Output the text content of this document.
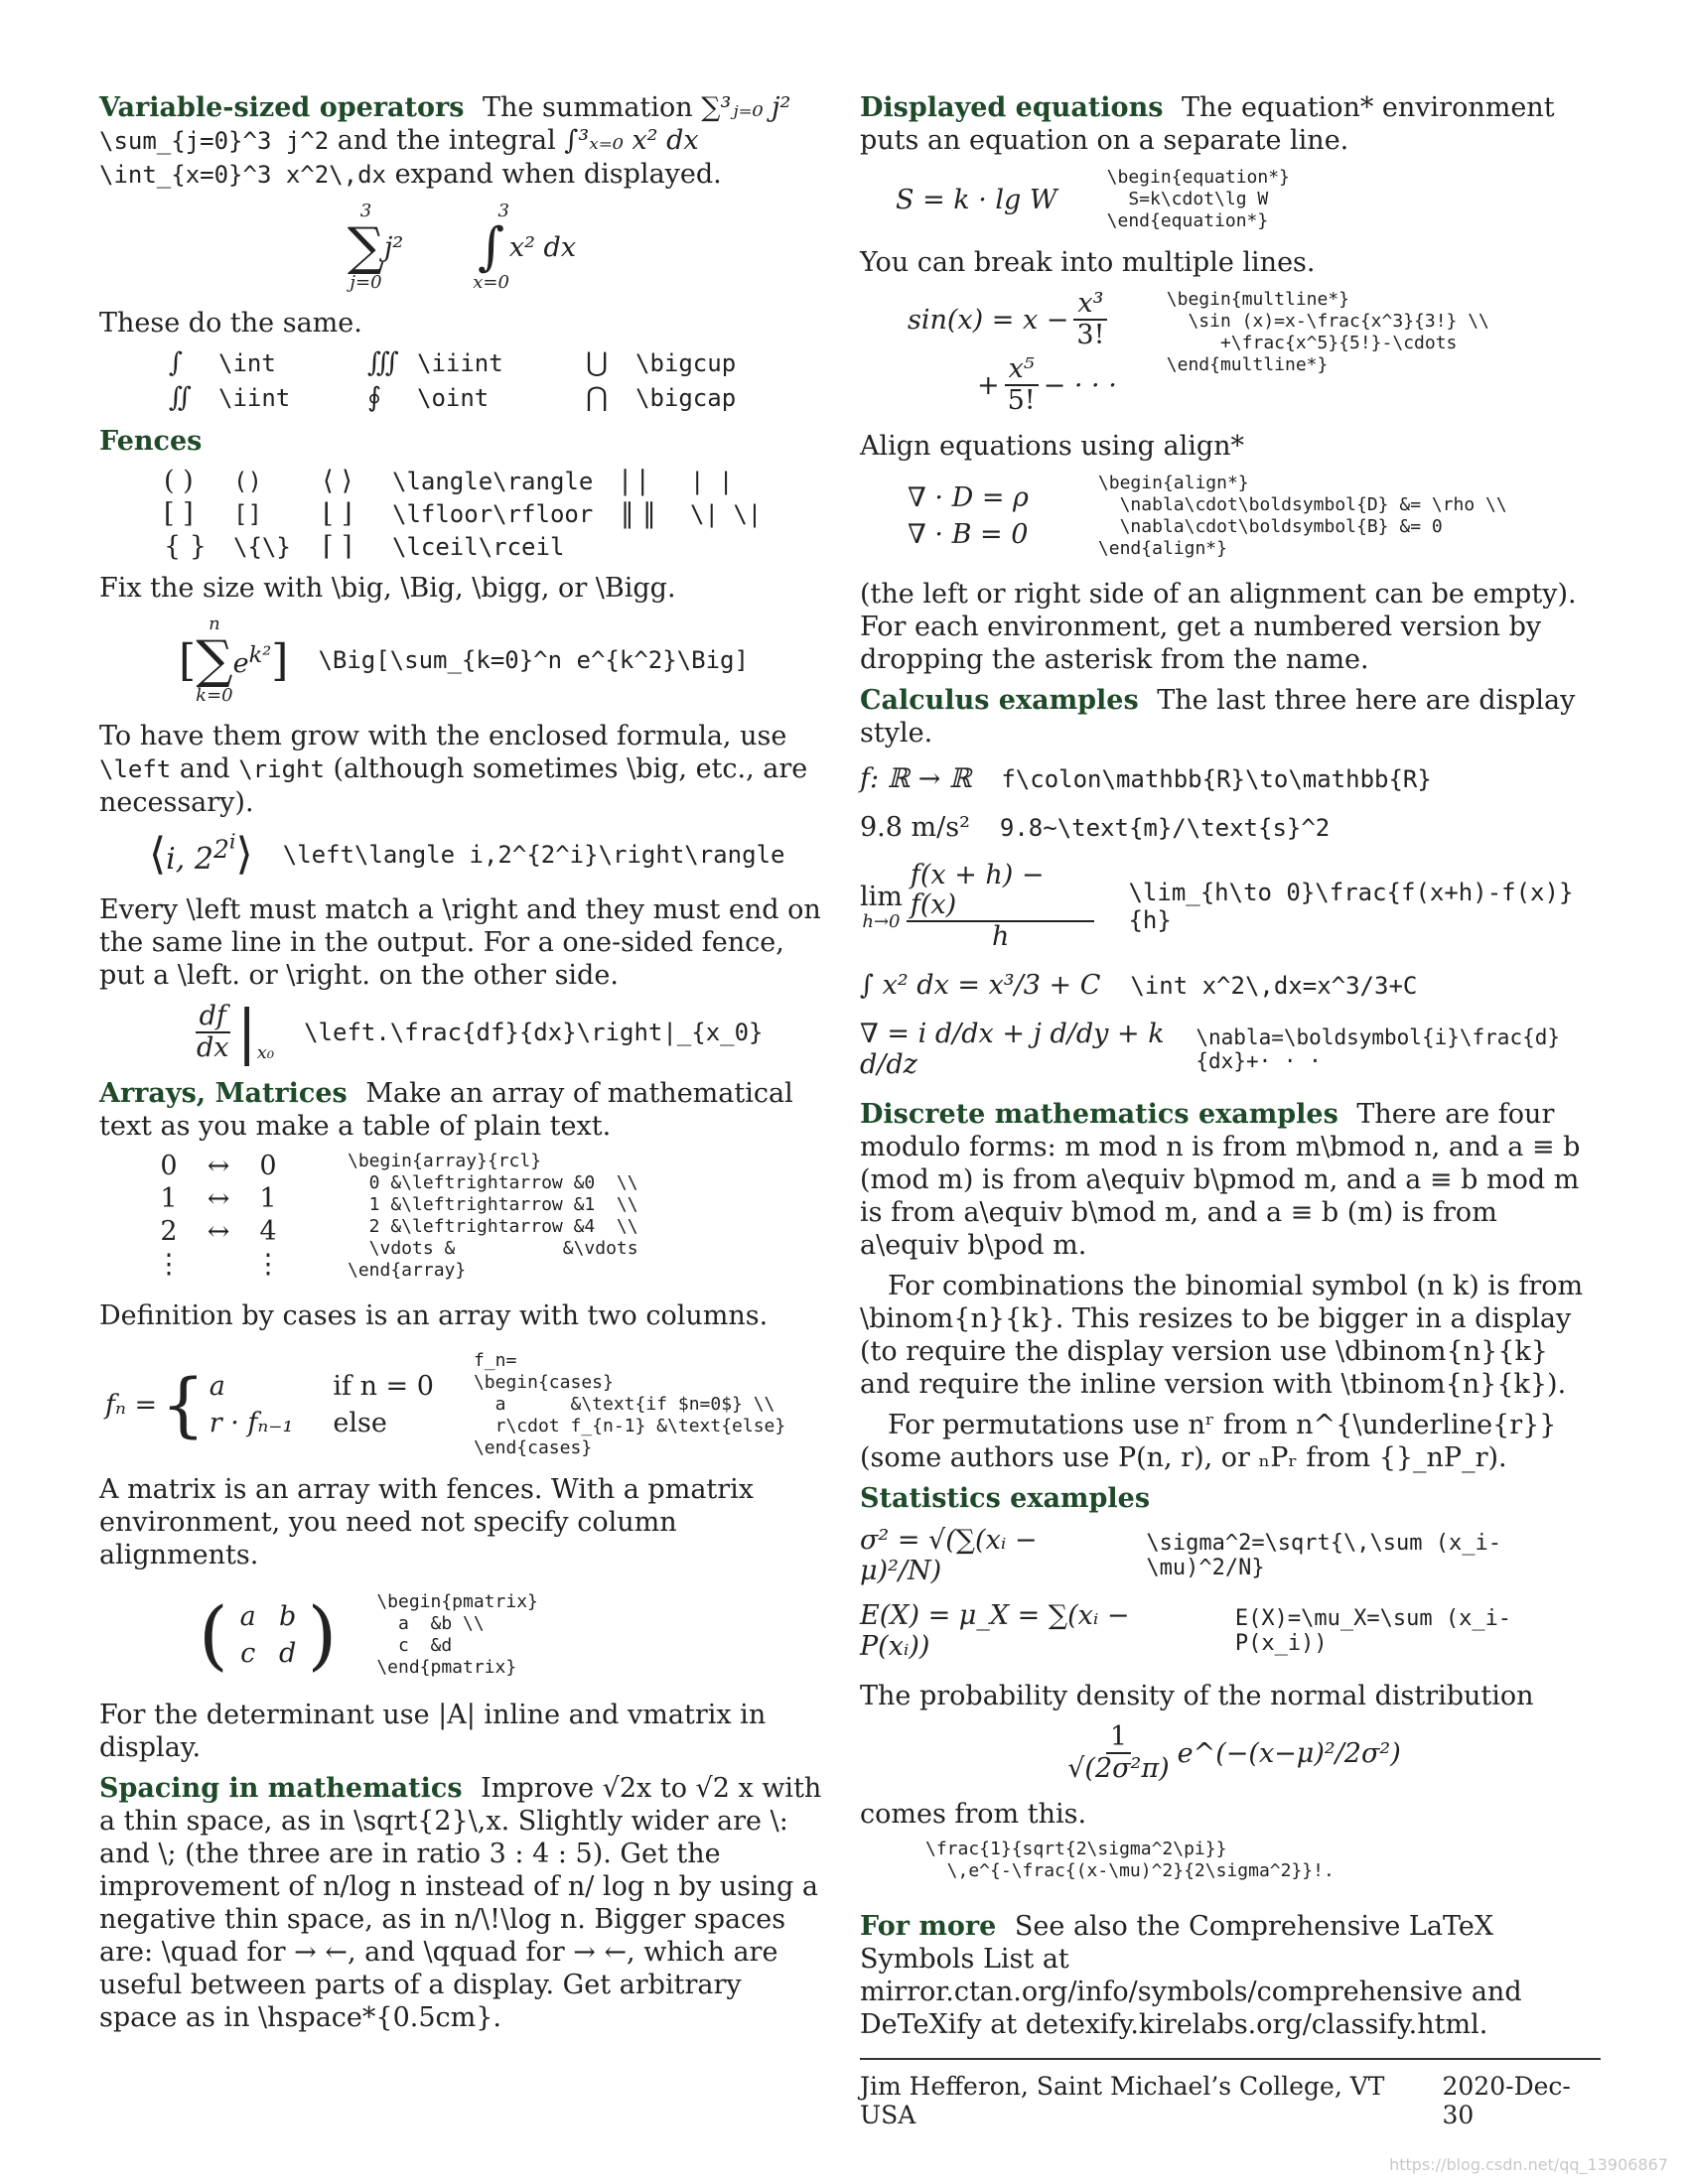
Variable-sized operators The summation ∑³ⱼ₌₀ j² \sum_{j=0}^3 j^2 and the integral ∫³ₓ₌₀ x² dx \int_{x=0}^3 x^2\,dx expand when displayed.

3
∑
j=0
j²
3
∫
x=0
x² dx

These do the same.

∫	\int	∭ \iiint	⋃	\bigcup
∬	\iint	∮	\oint	⋂	\bigcap

Fences

( )	()	⟨ ⟩	\langle\rangle	| |	| |
[ ]	[]	⌊ ⌋	\lfloor\rfloor	‖ ‖	\| \|
{ }	\{\}	⌈ ⌉	\lceil\rceil

Fix the size with \big, \Big, \bigg, or \Bigg.

[
n
∑
k=0
$e^{k^2}$ ] \Big[\sum_{k=0}^n e^{k^2}\Big]

To have them grow with the enclosed formula, use \left and \right (although sometimes \big, etc., are necessary).

⟨i, $2^{2^i}⟩$ \left\langle i,2^{2^i}\right\rangle

Every \left must match a \right and they must end on the same line in the output. For a one-sided fence, put a \left. or \right. on the other side.

$\frac{df}{dx}$ | x₀
\left.\frac{df}{dx}\right|_{x_0}

Arrays, Matrices Make an array of mathematical text as you make a table of plain text.

0	↔	0
1	↔	1
2	↔	4
⋮	⋮
\begin{array}{rcl}
0 &\leftrightarrow &0  \\
1 &\leftrightarrow &1  \\
2 &\leftrightarrow &4  \\
\vdots &          &\vdots
\end{array}

Definition by cases is an array with two columns.

fₙ = { a	if n = 0
r · fₙ₋₁ else
f_n=
\begin{cases}
a      &\text{if $n=0$} \\
r\cdot f_{n-1} &\text{else}
\end{cases}

A matrix is an array with fences. With a pmatrix environment, you need not specify column alignments.

( a b
c d ) \begin{pmatrix}
a  &b \\
c  &d
\end{pmatrix}

For the determinant use |A| inline and vmatrix in display.

Spacing in mathematics Improve √2x to √2 x with a thin space, as in \sqrt{2}\,x. Slightly wider are \: and \; (the three are in ratio 3 : 4 : 5). Get the improvement of n/log n instead of n/ log n by using a negative thin space, as in n/\!\log n. Bigger spaces are: \quad for → ←, and \qquad for → ←, which are useful between parts of a display. Get arbitrary space as in \hspace*{0.5cm}.

Displayed equations The equation* environment puts an equation on a separate line.

S = k · lg W
\begin{equation*}
S=k\cdot\lg W
\end{equation*}

You can break into multiple lines.

$\sin(x) = x - \frac{\text{x³}}{3!}$
+ $\frac{\text{x⁵}}{5!}$ − · · ·
\begin{multline*}
\sin (x)=x-\frac{x^3}{3!} \\
+\frac{x^5}{5!}-\cdots
\end{multline*}

Align equations using align*

∇ · D = ρ
∇ · B = 0
\begin{align*}
\nabla\cdot\boldsymbol{D} &= \rho \\
\nabla\cdot\boldsymbol{B} &= 0
\end{align*}

(the left or right side of an alignment can be empty). For each environment, get a numbered version by dropping the asterisk from the name.

Calculus examples The last three here are display style.

f: ℝ → ℝ f\colon\mathbb{R}\to\mathbb{R}
9.8 m/s² 9.8~\text{m}/\text{s}^2
lim
$h\to 0 \frac{f(x + h) - f(x)}{h}$ \lim_{h\to 0}\frac{f(x+h)-f(x)}{h}
∫ x² dx = x³/3 + C \int x^2\,dx=x^3/3+C
∇ = i d/dx + j d/dy + k d/dz
\nabla=\boldsymbol{i}\frac{d}{dx}+· · ·

Discrete mathematics examples There are four modulo forms: m mod n is from m\bmod n, and a ≡ b (mod m) is from a\equiv b\pmod m, and a ≡ b mod m is from a\equiv b\mod m, and a ≡ b (m) is from a\equiv b\pod m.

For combinations the binomial symbol (n k) is from \binom{n}{k}. This resizes to be bigger in a display (to require the display version use \dbinom{n}{k} and require the inline version with \tbinom{n}{k}).

For permutations use nʳ from n^{\underline{r}} (some authors use P(n, r), or ₙPᵣ from {}_nP_r).

Statistics examples

σ² = √(∑(xᵢ − μ)²/N)
\sigma^2=\sqrt{\,\sum (x_i-\mu)^2/N}
E(X) = μ_X = ∑(xᵢ − P(xᵢ))
E(X)=\mu_X=\sum (x_i-P(x_i))

The probability density of the normal distribution

$\frac{1}{\text{√(2σ²π)}}$ e^(−(x−μ)²/2σ²)

comes from this.

\frac{1}{sqrt{2\sigma^2\pi}}
\,e^{-\frac{(x-\mu)^2}{2\sigma^2}}!.

For more See also the Comprehensive LaTeX Symbols List at mirror.ctan.org/info/symbols/comprehensive and DeTeXify at detexify.kirelabs.org/classify.html.

Jim Hefferon, Saint Michael’s College, VT USA
2020-Dec-30
https://blog.csdn.net/qq_13906867
